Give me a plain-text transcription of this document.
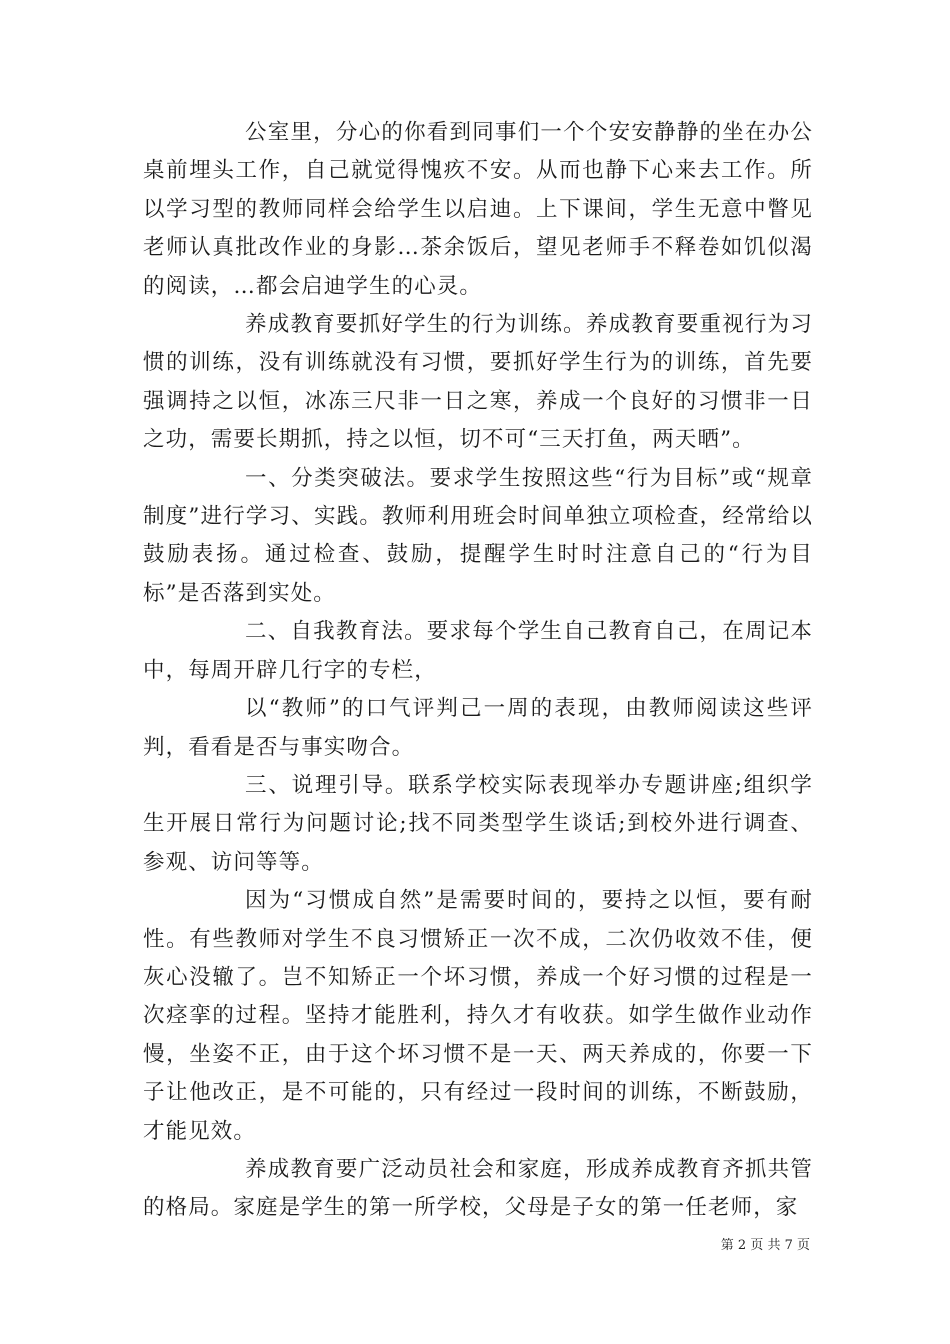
公室里，分心的你看到同事们一个个安安静静的坐在办公桌前埋头工作，自己就觉得愧疚不安。从而也静下心来去工作。所以学习型的教师同样会给学生以启迪。上下课间，学生无意中瞥见老师认真批改作业的身影…茶余饭后，望见老师手不释卷如饥似渴的阅读，…都会启迪学生的心灵。

养成教育要抓好学生的行为训练。养成教育要重视行为习惯的训练，没有训练就没有习惯，要抓好学生行为的训练，首先要强调持之以恒，冰冻三尺非一日之寒，养成一个良好的习惯非一日之功，需要长期抓，持之以恒，切不可“三天打鱼，两天晒”。

一、分类突破法。要求学生按照这些“行为目标”或“规章制度”进行学习、实践。教师利用班会时间单独立项检查，经常给以鼓励表扬。通过检查、鼓励，提醒学生时时注意自己的“行为目标”是否落到实处。

二、自我教育法。要求每个学生自己教育自己，在周记本中，每周开辟几行字的专栏，

以“教师”的口气评判己一周的表现，由教师阅读这些评判，看看是否与事实吻合。

三、说理引导。联系学校实际表现举办专题讲座;组织学生开展日常行为问题讨论;找不同类型学生谈话;到校外进行调查、参观、访问等等。

因为“习惯成自然”是需要时间的，要持之以恒，要有耐性。有些教师对学生不良习惯矫正一次不成，二次仍收效不佳，便灰心没辙了。岂不知矫正一个坏习惯，养成一个好习惯的过程是一次痉挛的过程。坚持才能胜利，持久才有收获。如学生做作业动作慢，坐姿不正，由于这个坏习惯不是一天、两天养成的，你要一下子让他改正，是不可能的，只有经过一段时间的训练，不断鼓励，才能见效。

养成教育要广泛动员社会和家庭，形成养成教育齐抓共管的格局。家庭是学生的第一所学校，父母是子女的第一任老师，家

第 2 页 共 7 页
